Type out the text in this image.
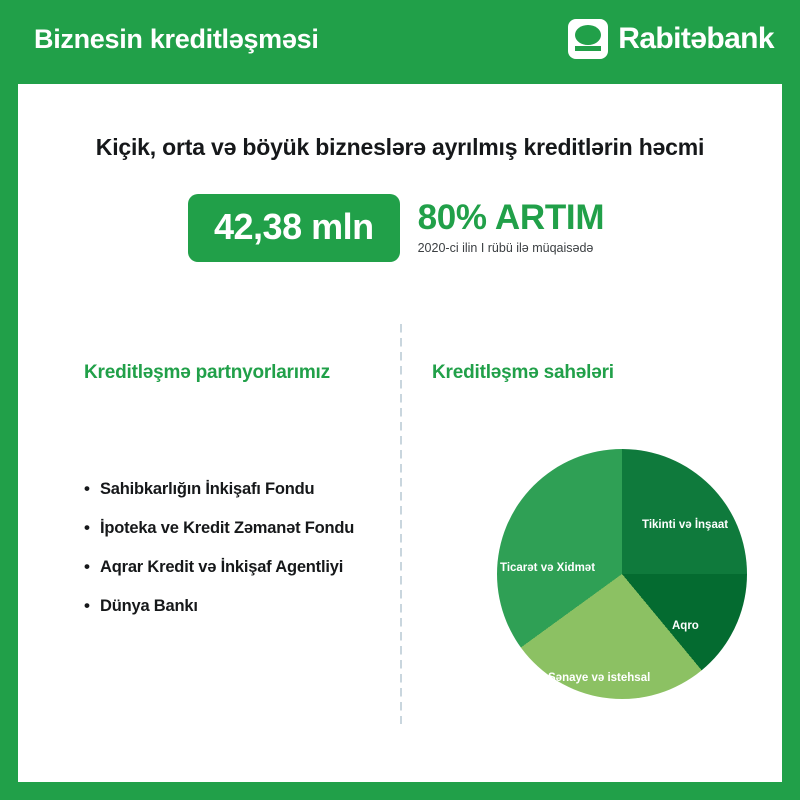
Biznesin kreditləşməsi	Rabitəbank
Kiçik, orta və böyük bizneslərə ayrılmış kreditlərin həcmi
42,38 mln	80% ARTIM
2020-ci ilin I rübü ilə müqaisədə
Kreditləşmə partnyorlarımız
• Sahibkarlığın İnkişafı Fondu
• İpoteka ve Kredit Zəmanət Fondu
• Aqrar Kredit və İnkişaf Agentliyi
• Dünya Bankı
Kreditləşmə sahələri
Tikinti və İnşaat
Aqro
Sənaye və istehsal
Ticarət və Xidmət
